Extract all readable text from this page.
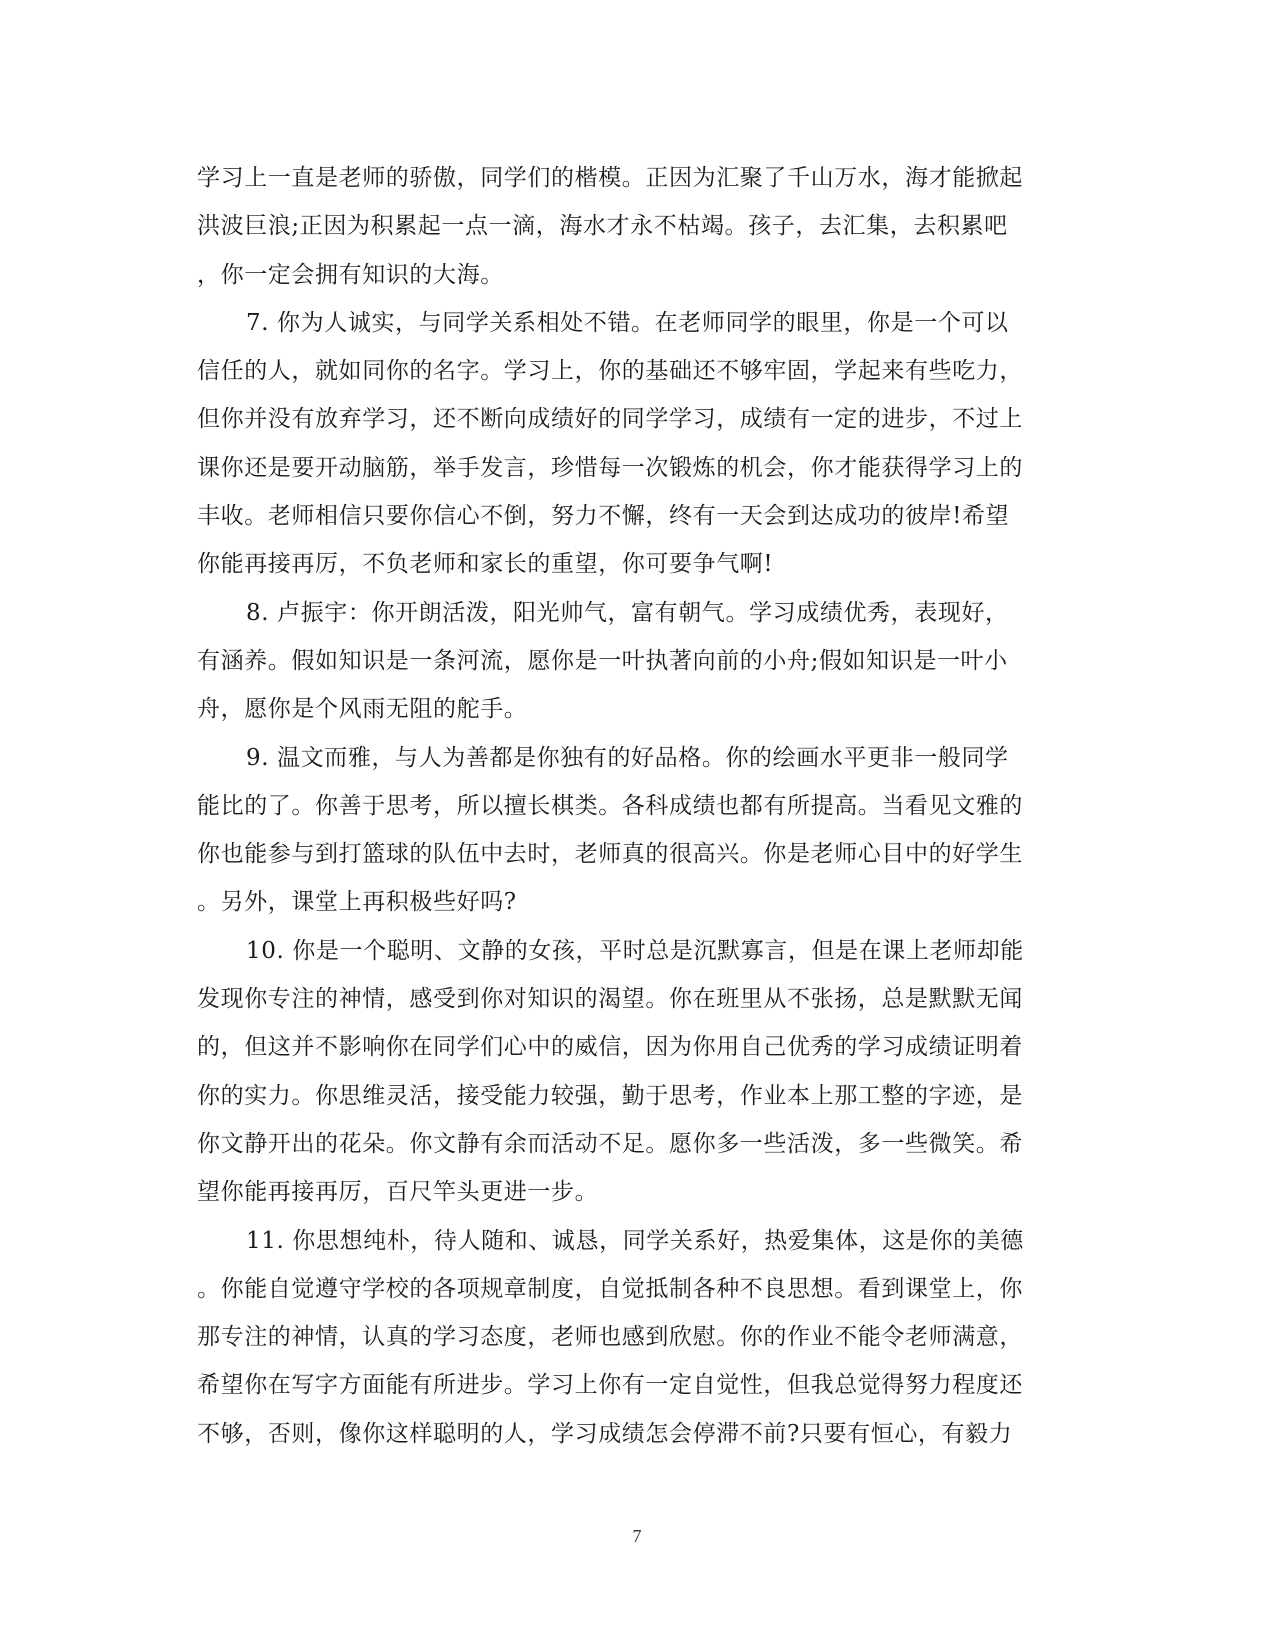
学习上一直是老师的骄傲，同学们的楷模。正因为汇聚了千山万水，海才能掀起
洪波巨浪;正因为积累起一点一滴，海水才永不枯竭。孩子，去汇集，去积累吧
，你一定会拥有知识的大海。
7. 你为人诚实，与同学关系相处不错。在老师同学的眼里，你是一个可以
信任的人，就如同你的名字。学习上，你的基础还不够牢固，学起来有些吃力，
但你并没有放弃学习，还不断向成绩好的同学学习，成绩有一定的进步，不过上
课你还是要开动脑筋，举手发言，珍惜每一次锻炼的机会，你才能获得学习上的
丰收。老师相信只要你信心不倒，努力不懈，终有一天会到达成功的彼岸!希望
你能再接再厉，不负老师和家长的重望，你可要争气啊!
8. 卢振宇：你开朗活泼，阳光帅气，富有朝气。学习成绩优秀，表现好，
有涵养。假如知识是一条河流，愿你是一叶执著向前的小舟;假如知识是一叶小
舟，愿你是个风雨无阻的舵手。
9. 温文而雅，与人为善都是你独有的好品格。你的绘画水平更非一般同学
能比的了。你善于思考，所以擅长棋类。各科成绩也都有所提高。当看见文雅的
你也能参与到打篮球的队伍中去时，老师真的很高兴。你是老师心目中的好学生
。另外，课堂上再积极些好吗?
10. 你是一个聪明、文静的女孩，平时总是沉默寡言，但是在课上老师却能
发现你专注的神情，感受到你对知识的渴望。你在班里从不张扬，总是默默无闻
的，但这并不影响你在同学们心中的威信，因为你用自己优秀的学习成绩证明着
你的实力。你思维灵活，接受能力较强，勤于思考，作业本上那工整的字迹，是
你文静开出的花朵。你文静有余而活动不足。愿你多一些活泼，多一些微笑。希
望你能再接再厉，百尺竿头更进一步。
11. 你思想纯朴，待人随和、诚恳，同学关系好，热爱集体，这是你的美德
。你能自觉遵守学校的各项规章制度，自觉抵制各种不良思想。看到课堂上，你
那专注的神情，认真的学习态度，老师也感到欣慰。你的作业不能令老师满意，
希望你在写字方面能有所进步。学习上你有一定自觉性，但我总觉得努力程度还
不够，否则，像你这样聪明的人，学习成绩怎会停滞不前?只要有恒心，有毅力
7
